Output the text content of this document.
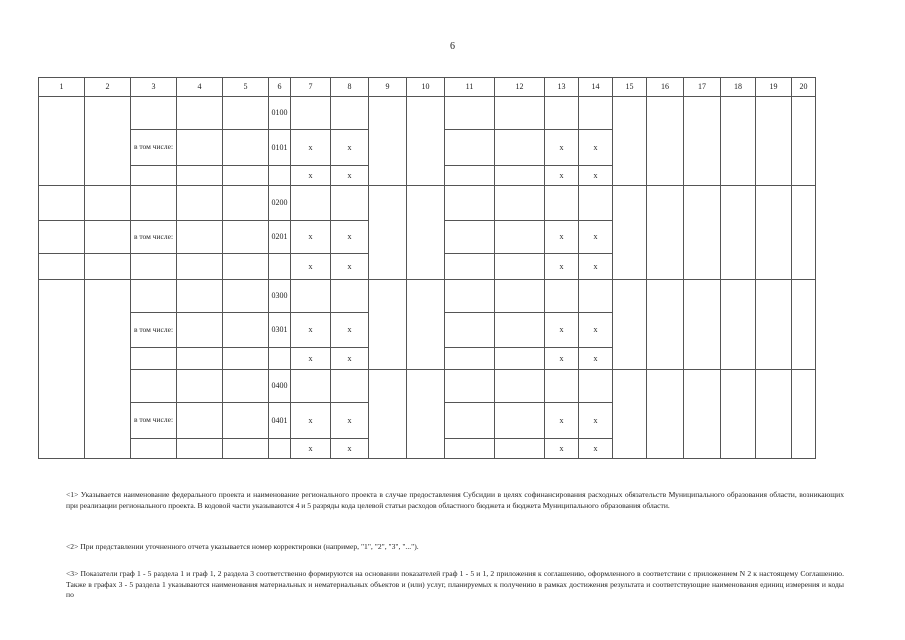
6
1	2	3	4	5	6	7	8	9	10	11	12	13	14	15	16	17	18	19	20
					0100														
		в том числе:			0101	x	x					x	x						
						x	x					x	x						
					0200														
		в том числе:			0201	x	x					x	x						
						x	x					x	x						
					0300														
		в том числе:			0301	x	x					x	x						
						x	x					x	x						
					0400														
		в том числе:			0401	x	x					x	x						
						x	x					x	x						
<1> Указывается наименование федерального проекта и наименование регионального проекта в случае предоставления Субсидии в целях софинансирования расходных обязательств Муниципального образования области, возникающих при реализации регионального проекта. В кодовой части указываются 4 и 5 разряды кода целевой статьи расходов областного бюджета и бюджета Муниципального образования области.
<2> При представлении уточненного отчета указывается номер корректировки (например, "1", "2", "3", "...").
<3> Показатели граф 1 - 5 раздела 1 и граф 1, 2 раздела 3 соответственно формируются на основании показателей граф 1 - 5 и 1, 2 приложения к соглашению, оформленного в соответствии с приложением N 2 к настоящему Соглашению. Также в графах 3 - 5 раздела 1 указываются наименования материальных и нематериальных объектов и (или) услуг, планируемых к получению в рамках достижения результата и соответствующие наименования единиц измерения и коды по
